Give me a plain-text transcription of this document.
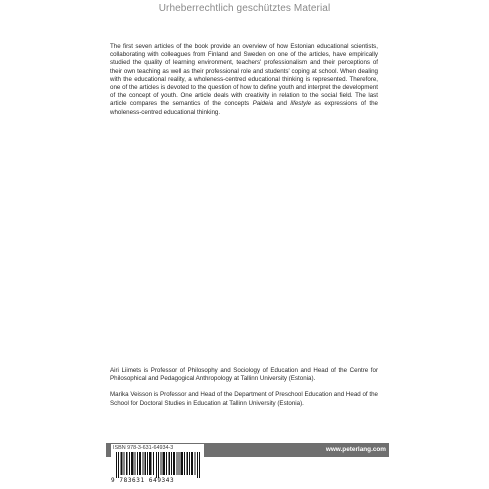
Urheberrechtlich geschütztes Material

The first seven articles of the book provide an overview of how Estonian educational scientists, collaborating with colleagues from Finland and Sweden on one of the articles, have empirically studied the quality of learning environment, teachers' professionalism and their perceptions of their own teaching as well as their professional role and students' coping at school. When dealing with the educational reality, a wholeness-centred educational thinking is represented. Therefore, one of the articles is devoted to the question of how to define youth and interpret the development of the concept of youth. One article deals with creativity in relation to the social field. The last article compares the semantics of the concepts Paideia and lifestyle as expressions of the wholeness-centred educational thinking.

Airi Liimets is Professor of Philosophy and Sociology of Education and Head of the Centre for Philosophical and Pedagogical Anthropology at Tallinn University (Estonia).

Marika Veisson is Professor and Head of the Department of Preschool Education and Head of the School for Doctoral Studies in Education at Tallinn University (Estonia).

ISBN 978-3-631-64934-3
9 783631 649343
www.peterlang.com
